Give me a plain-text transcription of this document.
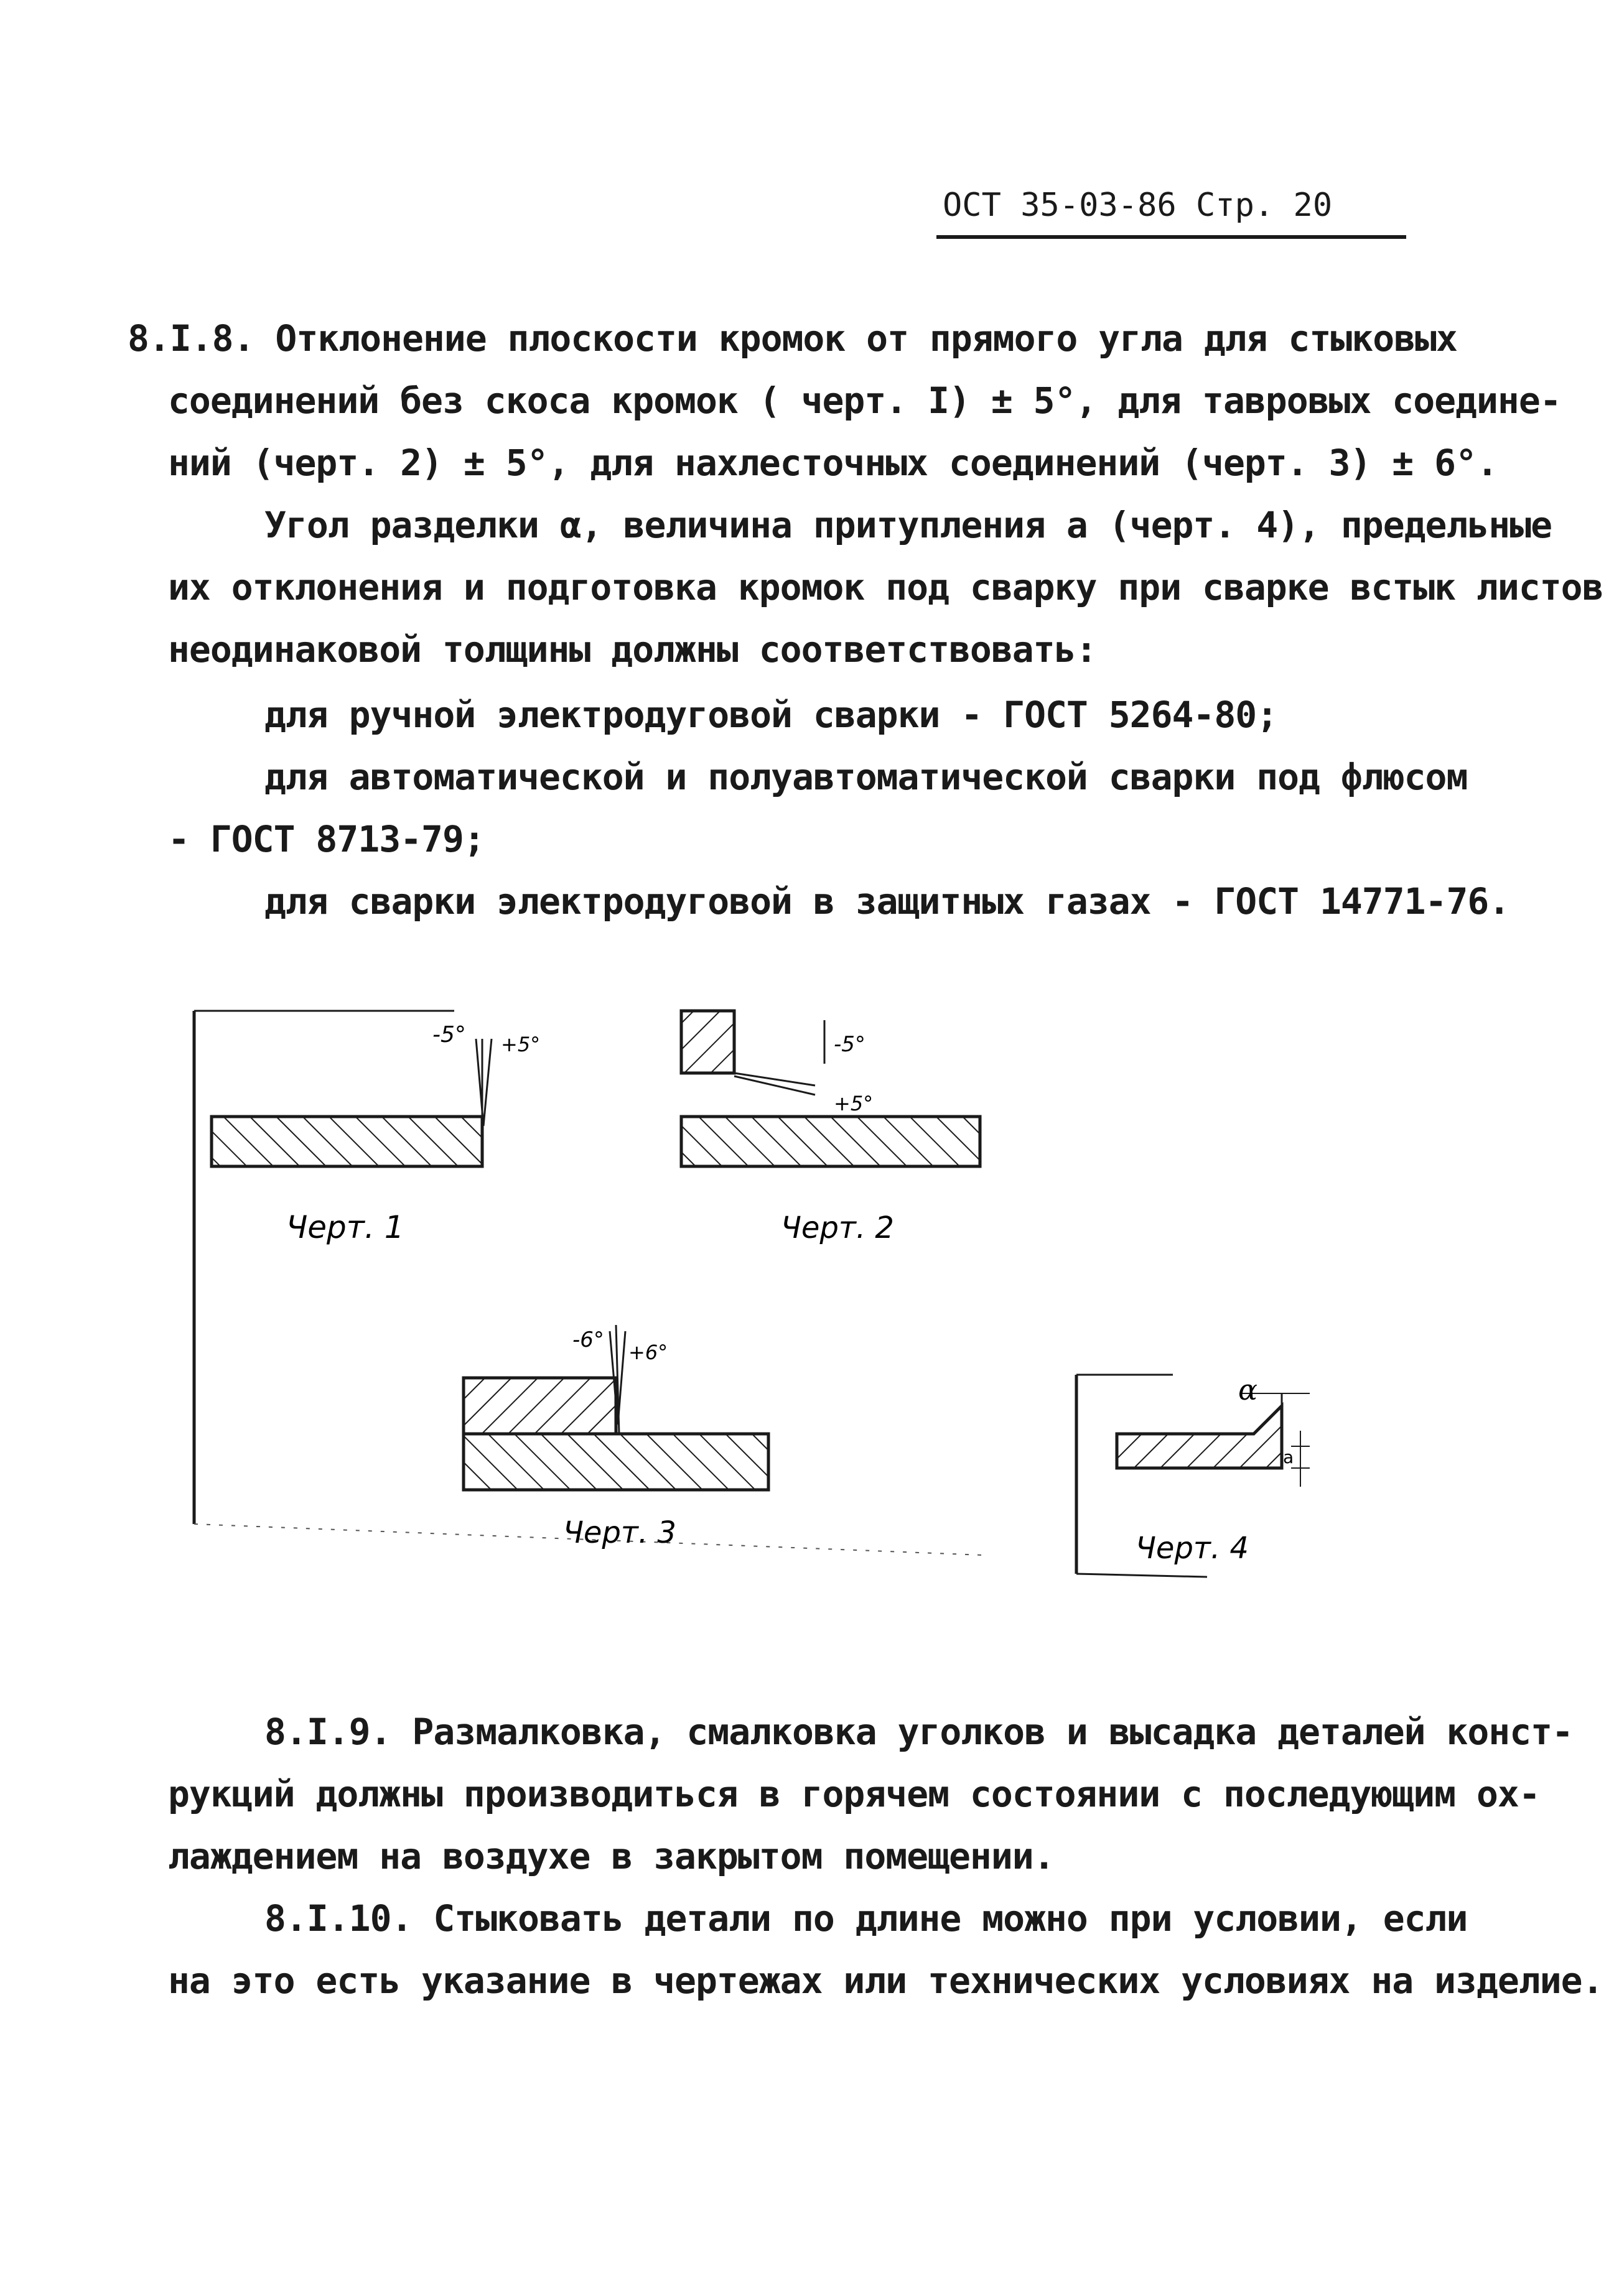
ОСТ 35-03-86 Стр. 20
8.I.8. Отклонение плоскости кромок от прямого угла для стыковых
соединений без скоса кромок ( черт. I) ± 5°, для тавровых соедине-
ний (черт. 2) ± 5°, для нахлесточных соединений (черт. 3) ± 6°.
Угол разделки α, величина притупления a (черт. 4), предельные
их отклонения и подготовка кромок под сварку при сварке встык листов
неодинаковой толщины должны соответствовать:
для ручной электродуговой сварки - ГОСТ 5264-80;
для автоматической и полуавтоматической сварки под флюсом
- ГОСТ 8713-79;
для сварки электродуговой в защитных газах - ГОСТ 14771-76.
-5° +5°
Черт. 1
-5°
+5°
Черт. 2
-6° +6°
Черт. 3
α
a
Черт. 4
8.I.9. Размалковка, смалковка уголков и высадка деталей конст-
рукций должны производиться в горячем состоянии с последующим ох-
лаждением на воздухе в закрытом помещении.
8.I.10. Стыковать детали по длине можно при условии, если
на это есть указание в чертежах или технических условиях на изделие.
